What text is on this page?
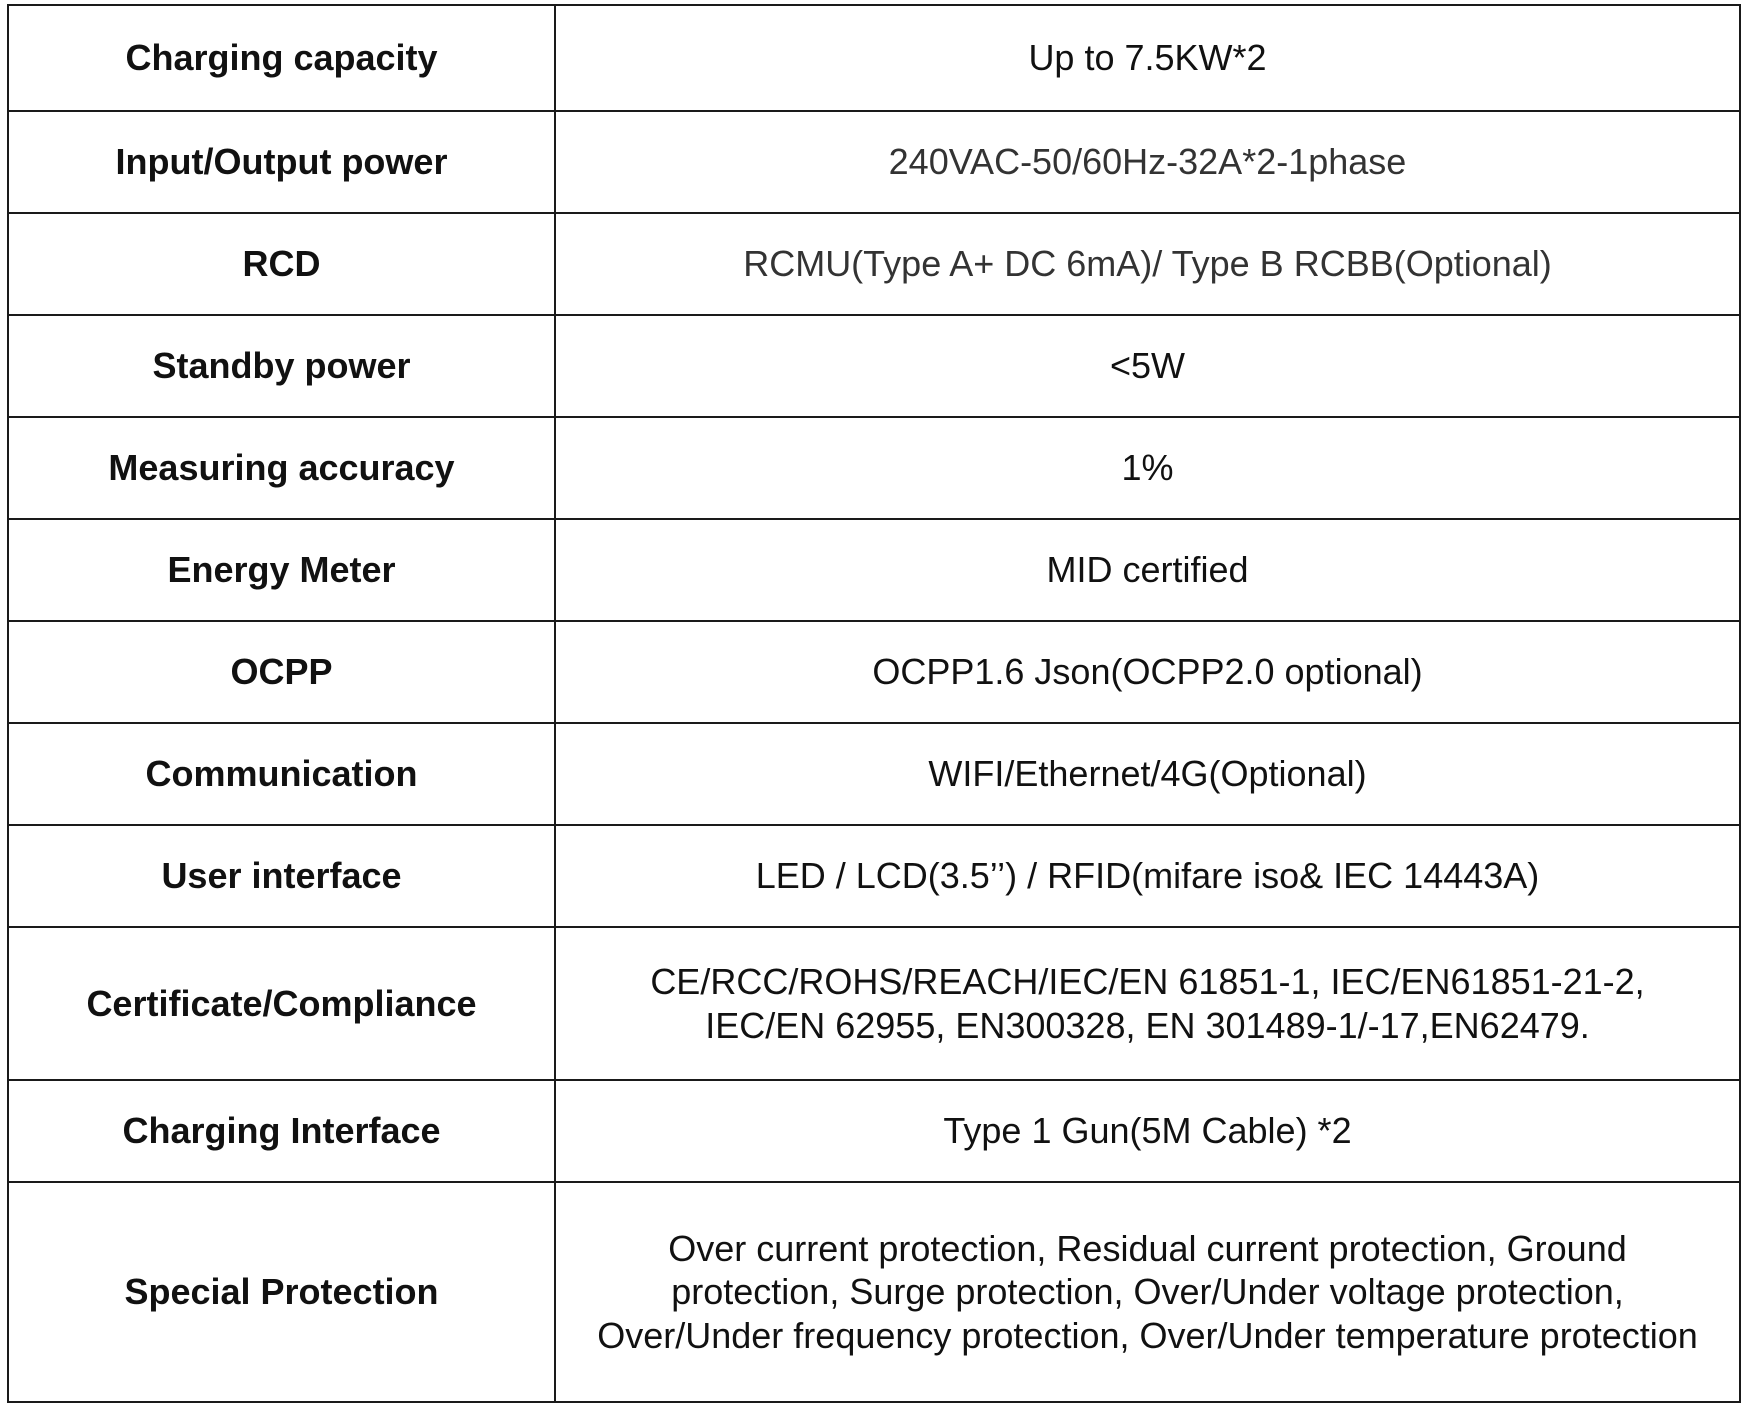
Charging capacity	Up to 7.5KW*2
Input/Output power	240VAC-50/60Hz-32A*2-1phase
RCD	RCMU(Type A+ DC 6mA)/ Type B RCBB(Optional)
Standby power	<5W
Measuring accuracy	1%
Energy Meter	MID certified
OCPP	OCPP1.6 Json(OCPP2.0 optional)
Communication	WIFI/Ethernet/4G(Optional)
User interface	LED / LCD(3.5’’) / RFID(mifare iso& IEC 14443A)
Certificate/Compliance	CE/RCC/ROHS/REACH/IEC/EN 61851-1, IEC/EN61851-21-2,
IEC/EN 62955, EN300328, EN 301489-1/-17,EN62479.

Charging Interface	Type 1 Gun(5M Cable) *2
Special Protection	Over current protection, Residual current protection, Ground
protection, Surge protection, Over/Under voltage protection,
Over/Under frequency protection, Over/Under temperature protection
